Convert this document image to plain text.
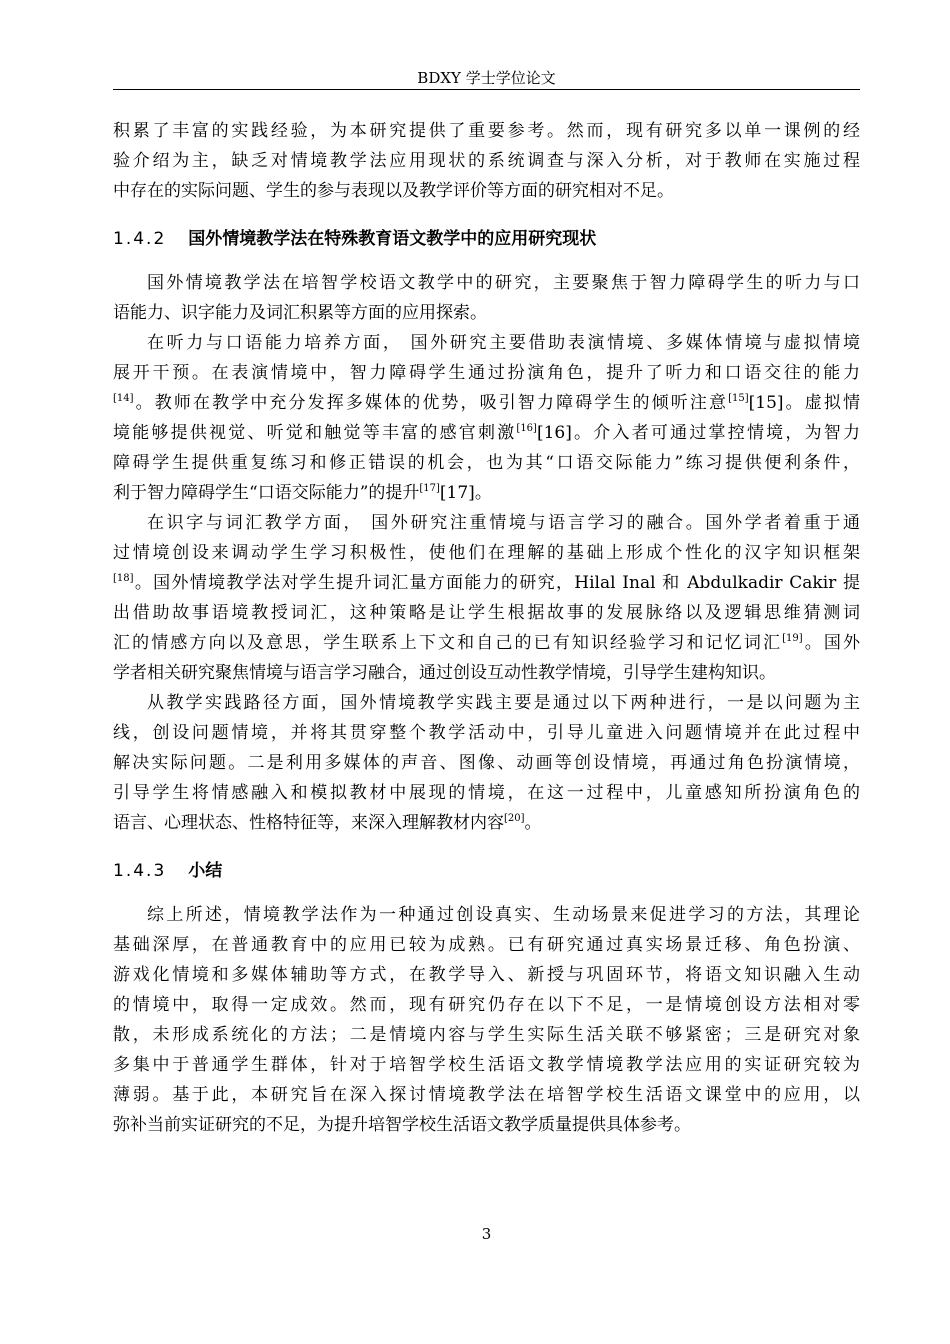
BDXY 学士学位论文
积累了丰富的实践经验，为本研究提供了重要参考。然而，现有研究多以单一课例的经
验介绍为主，缺乏对情境教学法应用现状的系统调查与深入分析，对于教师在实施过程
中存在的实际问题、学生的参与表现以及教学评价等方面的研究相对不足。
1.4.2 国外情境教学法在特殊教育语文教学中的应用研究现状
国外情境教学法在培智学校语文教学中的研究，主要聚焦于智力障碍学生的听力与口
语能力、识字能力及词汇积累等方面的应用探索。
在听力与口语能力培养方面， 国外研究主要借助表演情境、多媒体情境与虚拟情境
展开干预。在表演情境中，智力障碍学生通过扮演角色，提升了听力和口语交往的能力
[14]。教师在教学中充分发挥多媒体的优势，吸引智力障碍学生的倾听注意[15][15]。虚拟情
境能够提供视觉、听觉和触觉等丰富的感官刺激[16][16]。介入者可通过掌控情境，为智力
障碍学生提供重复练习和修正错误的机会，也为其“口语交际能力”练习提供便利条件，
利于智力障碍学生“口语交际能力”的提升[17][17]。
在识字与词汇教学方面， 国外研究注重情境与语言学习的融合。国外学者着重于通
过情境创设来调动学生学习积极性，使他们在理解的基础上形成个性化的汉字知识框架
[18]。国外情境教学法对学生提升词汇量方面能力的研究，Hilal Inal 和 Abdulkadir Cakir 提
出借助故事语境教授词汇，这种策略是让学生根据故事的发展脉络以及逻辑思维猜测词
汇的情感方向以及意思，学生联系上下文和自己的已有知识经验学习和记忆词汇[19]。国外
学者相关研究聚焦情境与语言学习融合，通过创设互动性教学情境，引导学生建构知识。
从教学实践路径方面，国外情境教学实践主要是通过以下两种进行，一是以问题为主
线，创设问题情境，并将其贯穿整个教学活动中，引导儿童进入问题情境并在此过程中
解决实际问题。二是利用多媒体的声音、图像、动画等创设情境，再通过角色扮演情境，
引导学生将情感融入和模拟教材中展现的情境，在这一过程中，儿童感知所扮演角色的
语言、心理状态、性格特征等，来深入理解教材内容[20]。
1.4.3 小结
综上所述，情境教学法作为一种通过创设真实、生动场景来促进学习的方法，其理论
基础深厚，在普通教育中的应用已较为成熟。已有研究通过真实场景迁移、角色扮演、
游戏化情境和多媒体辅助等方式，在教学导入、新授与巩固环节，将语文知识融入生动
的情境中，取得一定成效。然而，现有研究仍存在以下不足，一是情境创设方法相对零
散，未形成系统化的方法；二是情境内容与学生实际生活关联不够紧密；三是研究对象
多集中于普通学生群体，针对于培智学校生活语文教学情境教学法应用的实证研究较为
薄弱。基于此，本研究旨在深入探讨情境教学法在培智学校生活语文课堂中的应用，以
弥补当前实证研究的不足，为提升培智学校生活语文教学质量提供具体参考。
3
